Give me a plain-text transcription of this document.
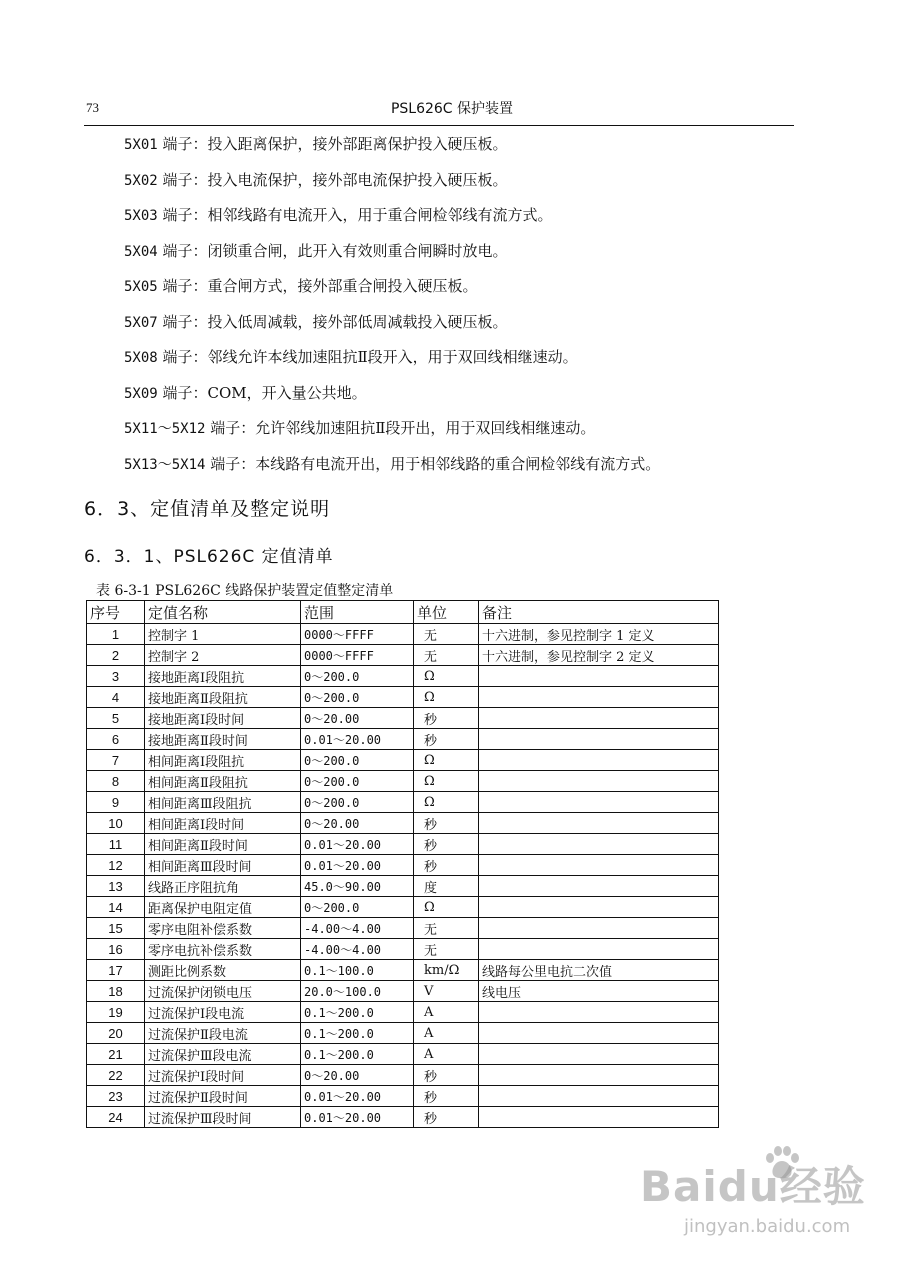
73	PSL626C 保护装置
5X01 端子：投入距离保护，接外部距离保护投入硬压板。
5X02 端子：投入电流保护，接外部电流保护投入硬压板。
5X03 端子：相邻线路有电流开入，用于重合闸检邻线有流方式。
5X04 端子：闭锁重合闸，此开入有效则重合闸瞬时放电。
5X05 端子：重合闸方式，接外部重合闸投入硬压板。
5X07 端子：投入低周减载，接外部低周减载投入硬压板。
5X08 端子：邻线允许本线加速阻抗Ⅱ段开入，用于双回线相继速动。
5X09 端子：COM，开入量公共地。
5X11～5X12 端子：允许邻线加速阻抗Ⅱ段开出，用于双回线相继速动。
5X13～5X14 端子：本线路有电流开出，用于相邻线路的重合闸检邻线有流方式。
6．3、定值清单及整定说明
6．3．1、PSL626C 定值清单
表 6-3-1 PSL626C 线路保护装置定值整定清单
序号	定值名称	范围	单位	备注
1	控制字 1	0000～FFFF	无	十六进制，参见控制字 1 定义
2	控制字 2	0000～FFFF	无	十六进制，参见控制字 2 定义
3	接地距离Ⅰ段阻抗	0～200.0	Ω	
4	接地距离Ⅱ段阻抗	0～200.0	Ω	
5	接地距离Ⅰ段时间	0～20.00	秒	
6	接地距离Ⅱ段时间	0.01～20.00	秒	
7	相间距离Ⅰ段阻抗	0～200.0	Ω	
8	相间距离Ⅱ段阻抗	0～200.0	Ω	
9	相间距离Ⅲ段阻抗	0～200.0	Ω	
10	相间距离Ⅰ段时间	0～20.00	秒	
11	相间距离Ⅱ段时间	0.01～20.00	秒	
12	相间距离Ⅲ段时间	0.01～20.00	秒	
13	线路正序阻抗角	45.0～90.00	度	
14	距离保护电阻定值	0～200.0	Ω	
15	零序电阻补偿系数	-4.00～4.00	无	
16	零序电抗补偿系数	-4.00～4.00	无	
17	测距比例系数	0.1～100.0	km/Ω	线路每公里电抗二次值
18	过流保护闭锁电压	20.0～100.0	V	线电压
19	过流保护Ⅰ段电流	0.1～200.0	A	
20	过流保护Ⅱ段电流	0.1～200.0	A	
21	过流保护Ⅲ段电流	0.1～200.0	A	
22	过流保护Ⅰ段时间	0～20.00	秒	
23	过流保护Ⅱ段时间	0.01～20.00	秒	
24	过流保护Ⅲ段时间	0.01～20.00	秒	
Baidu经验
jingyan.baidu.com
